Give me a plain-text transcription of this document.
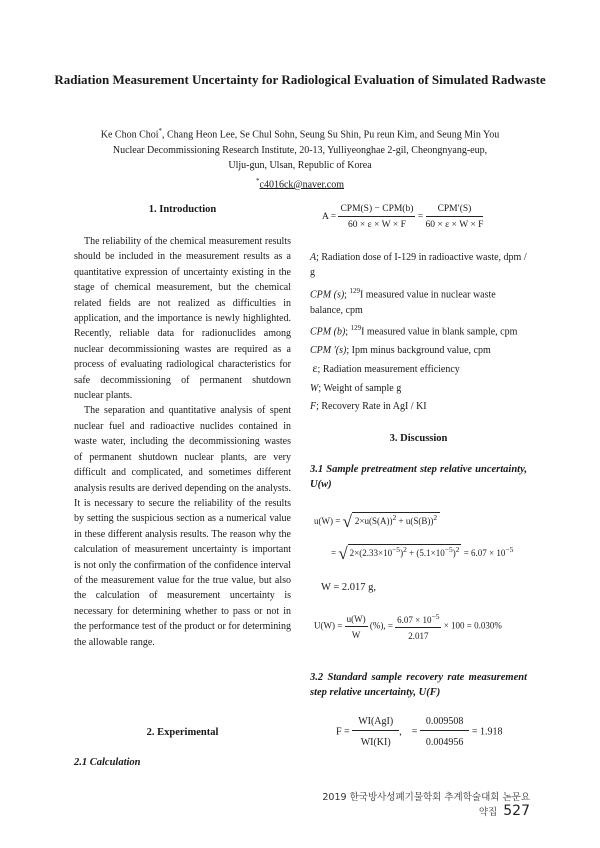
Radiation Measurement Uncertainty for Radiological Evaluation of Simulated Radwaste
Ke Chon Choi*, Chang Heon Lee, Se Chul Sohn, Seung Su Shin, Pu reun Kim, and Seung Min You
Nuclear Decommissioning Research Institute, 20-13, Yulliyeonghae 2-gil, Cheongnyang-eup,
Ulju-gun, Ulsan, Republic of Korea
*c4016ck@naver.com
1. Introduction

The reliability of the chemical measurement results should be included in the measurement results as a quantitative expression of uncertainty existing in the stage of chemical measurement, but the chemical related fields are not realized as difficulties in application, and the importance is newly highlighted. Recently, reliable data for radionuclides among nuclear decommissioning wastes are required as a process of evaluating radiological characteristics for safe decommissioning of permanent shutdown nuclear plants.

The separation and quantitative analysis of spent nuclear fuel and radioactive nuclides contained in waste water, including the decommissioning wastes of permanent shutdown nuclear plants, are very difficult and complicated, and sometimes different analysis results are derived depending on the analysts. It is necessary to secure the reliability of the results by setting the suspicious section as a numerical value in these different analysis results. The reason why the calculation of measurement uncertainty is important is not only the confirmation of the confidence interval of the measurement value for the true value, but also the calculation of measurement uncertainty is necessary for determining whether to pass or not in the performance test of the product or for determining the allowable range.

2. Experimental
2.1 Calculation
$A = \frac{\text{CPM(S) − CPM(b)}}{60 \times \varepsilon \times W \times F} = \frac{\text{CPM′(S)}}{60 \times \varepsilon \times W \times F}$
A; Radiation dose of I-129 in radioactive waste, dpm / g
CPM (s); $^{129}$I measured value in nuclear waste balance, cpm
CPM (b); $^{129}$I measured value in blank sample, cpm
CPM ′(s); Ipm minus background value, cpm
ε; Radiation measurement efficiency
W; Weight of sample g
F; Recovery Rate in AgI / KI
3. Discussion
3.1 Sample pretreatment step relative uncertainty, U(w)
u(W) = √ $2\times u(S(A))^2 + u(S(B))^2$
= √ $2\times(2.33\times 10^{-5})^2 + (5.1\times 10^{-5})^2 = 6.07 \times 10^{-5}$
W = 2.017 g,
$U(W) = \frac{u(W)}{W}$ (%), = $\frac{6.07 \times 10^{-5}}{2.017} \times 100 = 0.030\%$
3.2 Standard sample recovery rate measurement step relative uncertainty, U(F)
$F = \frac{\text{WI(AgI)}}{WI(KI)}$ , = $\frac{0.009508}{0.004956} = 1.918$
2019 한국방사성폐기물학회 추계학술대회 논문요약집 527
